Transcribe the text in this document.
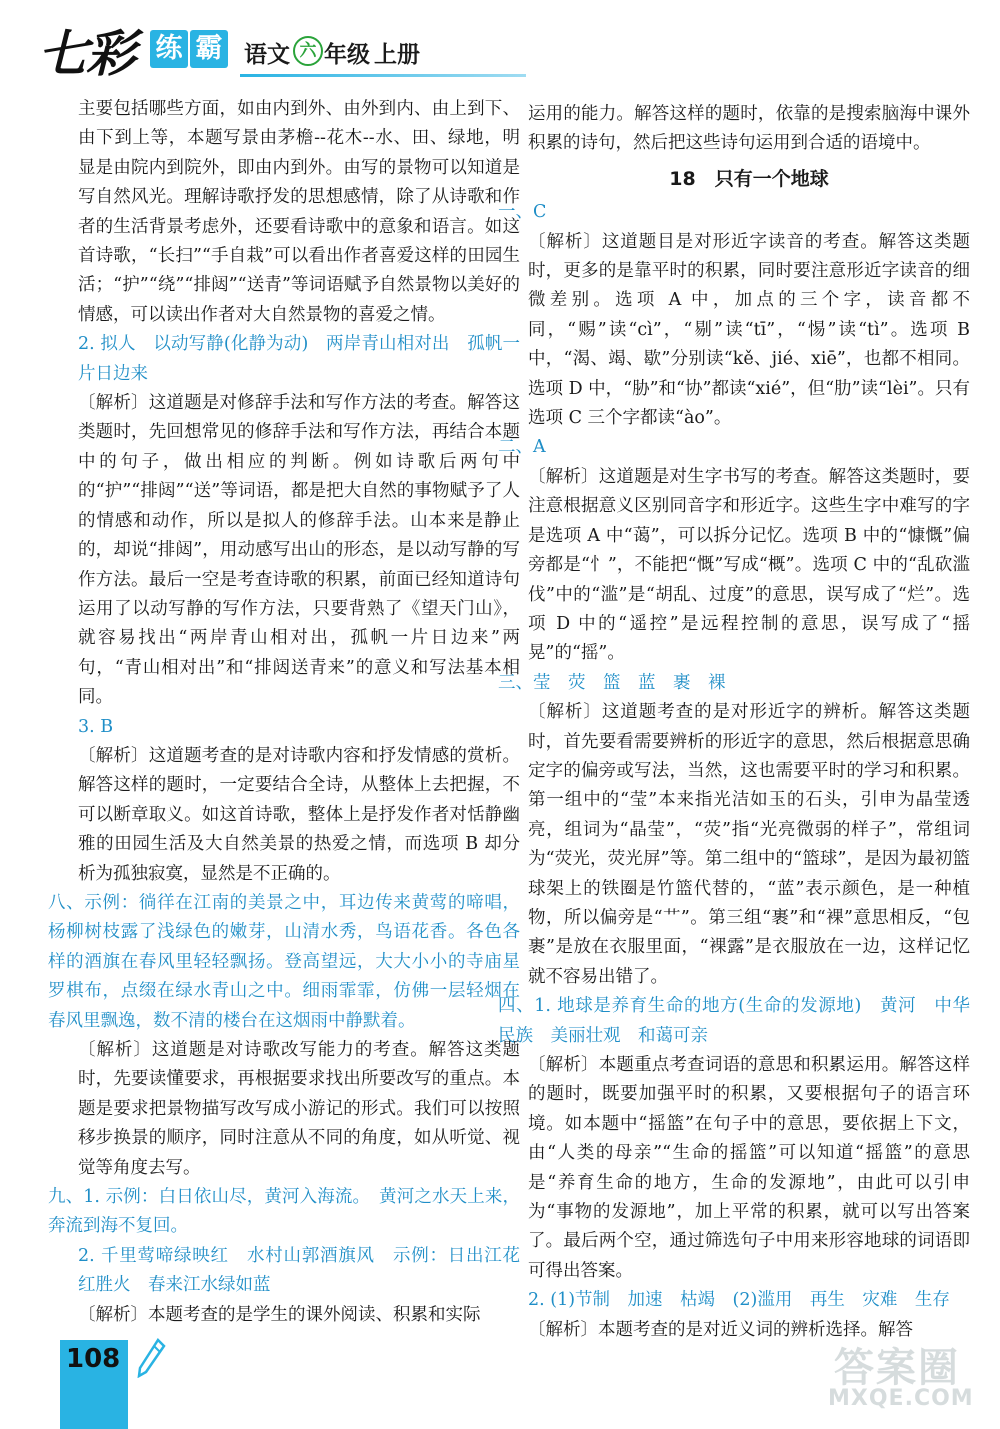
七彩 练 霸 语文 六 年级 上册

主要包括哪些方面，如由内到外、由外到内、由上到下、由下到上等，本题写景由茅檐--花木--水、田、绿地，明显是由院内到院外，即由内到外。由写的景物可以知道是写自然风光。理解诗歌抒发的思想感情，除了从诗歌和作者的生活背景考虑外，还要看诗歌中的意象和语言。如这首诗歌，“长扫”“手自栽”可以看出作者喜爱这样的田园生活；“护”“绕”“排闼”“送青”等词语赋予自然景物以美好的情感，可以读出作者对大自然景物的喜爱之情。

2. 拟人　以动写静(化静为动)　两岸青山相对出　孤帆一片日边来

〔解析〕这道题是对修辞手法和写作方法的考查。解答这类题时，先回想常见的修辞手法和写作方法，再结合本题中的句子，做出相应的判断。例如诗歌后两句中的“护”“排闼”“送”等词语，都是把大自然的事物赋予了人的情感和动作，所以是拟人的修辞手法。山本来是静止的，却说“排闼”，用动感写出山的形态，是以动写静的写作方法。最后一空是考查诗歌的积累，前面已经知道诗句运用了以动写静的写作方法，只要背熟了《望天门山》，就容易找出“两岸青山相对出，孤帆一片日边来”两句，“青山相对出”和“排闼送青来”的意义和写法基本相同。

3. B

〔解析〕这道题考查的是对诗歌内容和抒发情感的赏析。解答这样的题时，一定要结合全诗，从整体上去把握，不可以断章取义。如这首诗歌，整体上是抒发作者对恬静幽雅的田园生活及大自然美景的热爱之情，而选项 B 却分析为孤独寂寞，显然是不正确的。

八、示例：徜徉在江南的美景之中，耳边传来黄莺的啼唱，杨柳树枝露了浅绿色的嫩芽，山清水秀，鸟语花香。各色各样的酒旗在春风里轻轻飘扬。登高望远，大大小小的寺庙星罗棋布，点缀在绿水青山之中。细雨霏霏，仿佛一层轻烟在春风里飘逸，数不清的楼台在这烟雨中静默着。

〔解析〕这道题是对诗歌改写能力的考查。解答这类题时，先要读懂要求，再根据要求找出所要改写的重点。本题是要求把景物描写改写成小游记的形式。我们可以按照移步换景的顺序，同时注意从不同的角度，如从听觉、视觉等角度去写。

九、1. 示例：白日依山尽，黄河入海流。　黄河之水天上来，奔流到海不复回。

2. 千里莺啼绿映红　水村山郭酒旗风　示例：日出江花红胜火　春来江水绿如蓝

〔解析〕本题考查的是学生的课外阅读、积累和实际

运用的能力。解答这样的题时，依靠的是搜索脑海中课外积累的诗句，然后把这些诗句运用到合适的语境中。

18　只有一个地球

一、C

〔解析〕这道题目是对形近字读音的考查。解答这类题时，更多的是靠平时的积累，同时要注意形近字读音的细微差别。选项 A 中，加点的三个字，读音都不同，“赐”读“cì”，“剔”读“tī”，“惕”读“tì”。选项 B 中，“渴、竭、歇”分别读“kě、jié、xiē”，也都不相同。选项 D 中，“胁”和“协”都读“xié”，但“肋”读“lèi”。只有选项 C 三个字都读“ào”。

二、A

〔解析〕这道题是对生字书写的考查。解答这类题时，要注意根据意义区别同音字和形近字。这些生字中难写的字是选项 A 中“蔼”，可以拆分记忆。选项 B 中的“慷慨”偏旁都是“忄”，不能把“慨”写成“概”。选项 C 中的“乱砍滥伐”中的“滥”是“胡乱、过度”的意思，误写成了“烂”。选项 D 中的“遥控”是远程控制的意思，误写成了“摇晃”的“摇”。

三、莹　荧　篮　蓝　裹　裸

〔解析〕这道题考查的是对形近字的辨析。解答这类题时，首先要看需要辨析的形近字的意思，然后根据意思确定字的偏旁或写法，当然，这也需要平时的学习和积累。第一组中的“莹”本来指光洁如玉的石头，引申为晶莹透亮，组词为“晶莹”，“荧”指“光亮微弱的样子”，常组词为“荧光，荧光屏”等。第二组中的“篮球”，是因为最初篮球架上的铁圈是竹篮代替的，“蓝”表示颜色，是一种植物，所以偏旁是“艹”。第三组“裹”和“裸”意思相反，“包裹”是放在衣服里面，“裸露”是衣服放在一边，这样记忆就不容易出错了。

四、1. 地球是养育生命的地方(生命的发源地)　黄河　中华民族　美丽壮观　和蔼可亲

〔解析〕本题重点考查词语的意思和积累运用。解答这样的题时，既要加强平时的积累，又要根据句子的语言环境。如本题中“摇篮”在句子中的意思，要依据上下文，由“人类的母亲”“生命的摇篮”可以知道“摇篮”的意思是“养育生命的地方，生命的发源地”，由此可以引申为“事物的发源地”，加上平常的积累，就可以写出答案了。最后两个空，通过筛选句子中用来形容地球的词语即可得出答案。

2. (1)节制　加速　枯竭　(2)滥用　再生　灾难　生存

〔解析〕本题考查的是对近义词的辨析选择。解答

108	答案圈
MXQE.COM
